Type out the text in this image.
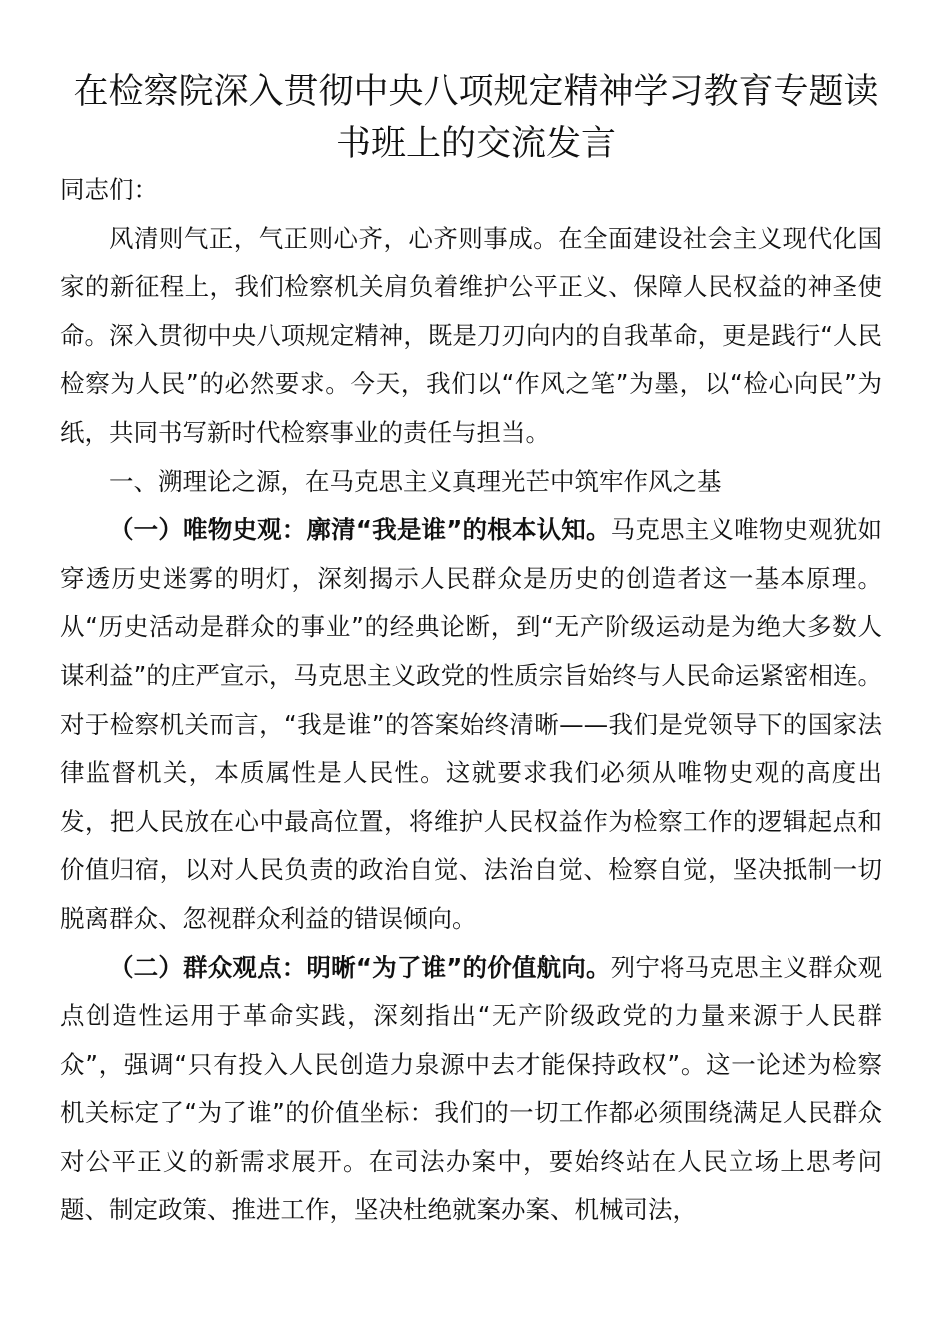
在检察院深入贯彻中央八项规定精神学习教育专题读书班上的交流发言

同志们：

风清则气正，气正则心齐，心齐则事成。在全面建设社会主义现代化国家的新征程上，我们检察机关肩负着维护公平正义、保障人民权益的神圣使命。深入贯彻中央八项规定精神，既是刀刃向内的自我革命，更是践行“人民检察为人民”的必然要求。今天，我们以“作风之笔”为墨，以“检心向民”为纸，共同书写新时代检察事业的责任与担当。

一、溯理论之源，在马克思主义真理光芒中筑牢作风之基

（一）唯物史观：廓清“我是谁”的根本认知。马克思主义唯物史观犹如穿透历史迷雾的明灯，深刻揭示人民群众是历史的创造者这一基本原理。从“历史活动是群众的事业”的经典论断，到“无产阶级运动是为绝大多数人谋利益”的庄严宣示，马克思主义政党的性质宗旨始终与人民命运紧密相连。对于检察机关而言，“我是谁”的答案始终清晰——我们是党领导下的国家法律监督机关，本质属性是人民性。这就要求我们必须从唯物史观的高度出发，把人民放在心中最高位置，将维护人民权益作为检察工作的逻辑起点和价值归宿，以对人民负责的政治自觉、法治自觉、检察自觉，坚决抵制一切脱离群众、忽视群众利益的错误倾向。

（二）群众观点：明晰“为了谁”的价值航向。列宁将马克思主义群众观点创造性运用于革命实践，深刻指出“无产阶级政党的力量来源于人民群众”，强调“只有投入人民创造力泉源中去才能保持政权”。这一论述为检察机关标定了“为了谁”的价值坐标：我们的一切工作都必须围绕满足人民群众对公平正义的新需求展开。在司法办案中，要始终站在人民立场上思考问题、制定政策、推进工作，坚决杜绝就案办案、机械司法，
